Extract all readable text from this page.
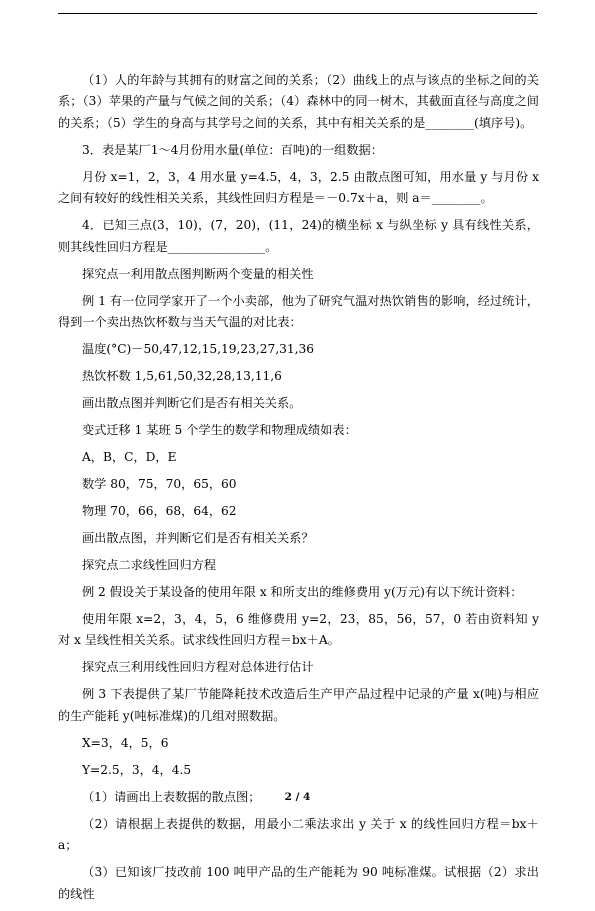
（1）人的年龄与其拥有的财富之间的关系；（2）曲线上的点与该点的坐标之间的关系；（3）苹果的产量与气候之间的关系；（4）森林中的同一树木，其截面直径与高度之间的关系；（5）学生的身高与其学号之间的关系，其中有相关关系的是________(填序号)。

3．表是某厂1～4月份用水量(单位：百吨)的一组数据：

月份 x=1，2，3，4 用水量 y=4.5，4，3，2.5 由散点图可知，用水量 y 与月份 x 之间有较好的线性相关关系，其线性回归方程是＝－0.7x＋a，则 a＝________。

4．已知三点(3，10)，(7，20)，(11，24)的横坐标 x 与纵坐标 y 具有线性关系，则其线性回归方程是________________。

探究点一利用散点图判断两个变量的相关性

例 1 有一位同学家开了一个小卖部，他为了研究气温对热饮销售的影响，经过统计，得到一个卖出热饮杯数与当天气温的对比表：

温度(°C)－50,47,12,15,19,23,27,31,36

热饮杯数 1,5,61,50,32,28,13,11,6

画出散点图并判断它们是否有相关关系。

变式迁移 1 某班 5 个学生的数学和物理成绩如表：

A，B，C，D，E

数学 80，75，70，65，60

物理 70，66，68，64，62

画出散点图，并判断它们是否有相关关系？

探究点二求线性回归方程

例 2 假设关于某设备的使用年限 x 和所支出的维修费用 y(万元)有以下统计资料：

使用年限 x=2，3，4，5，6 维修费用 y=2，23，85，56，57，0 若由资料知 y 对 x 呈线性相关关系。试求线性回归方程＝bx＋A。

探究点三利用线性回归方程对总体进行估计

例 3 下表提供了某厂节能降耗技术改造后生产甲产品过程中记录的产量 x(吨)与相应的生产能耗 y(吨标准煤)的几组对照数据。

X=3，4，5，6

Y=2.5，3，4，4.5

（1）请画出上表数据的散点图；

（2）请根据上表提供的数据，用最小二乘法求出 y 关于 x 的线性回归方程＝bx＋a；

（3）已知该厂技改前 100 吨甲产品的生产能耗为 90 吨标准煤。试根据（2）求出的线性

2 / 4
